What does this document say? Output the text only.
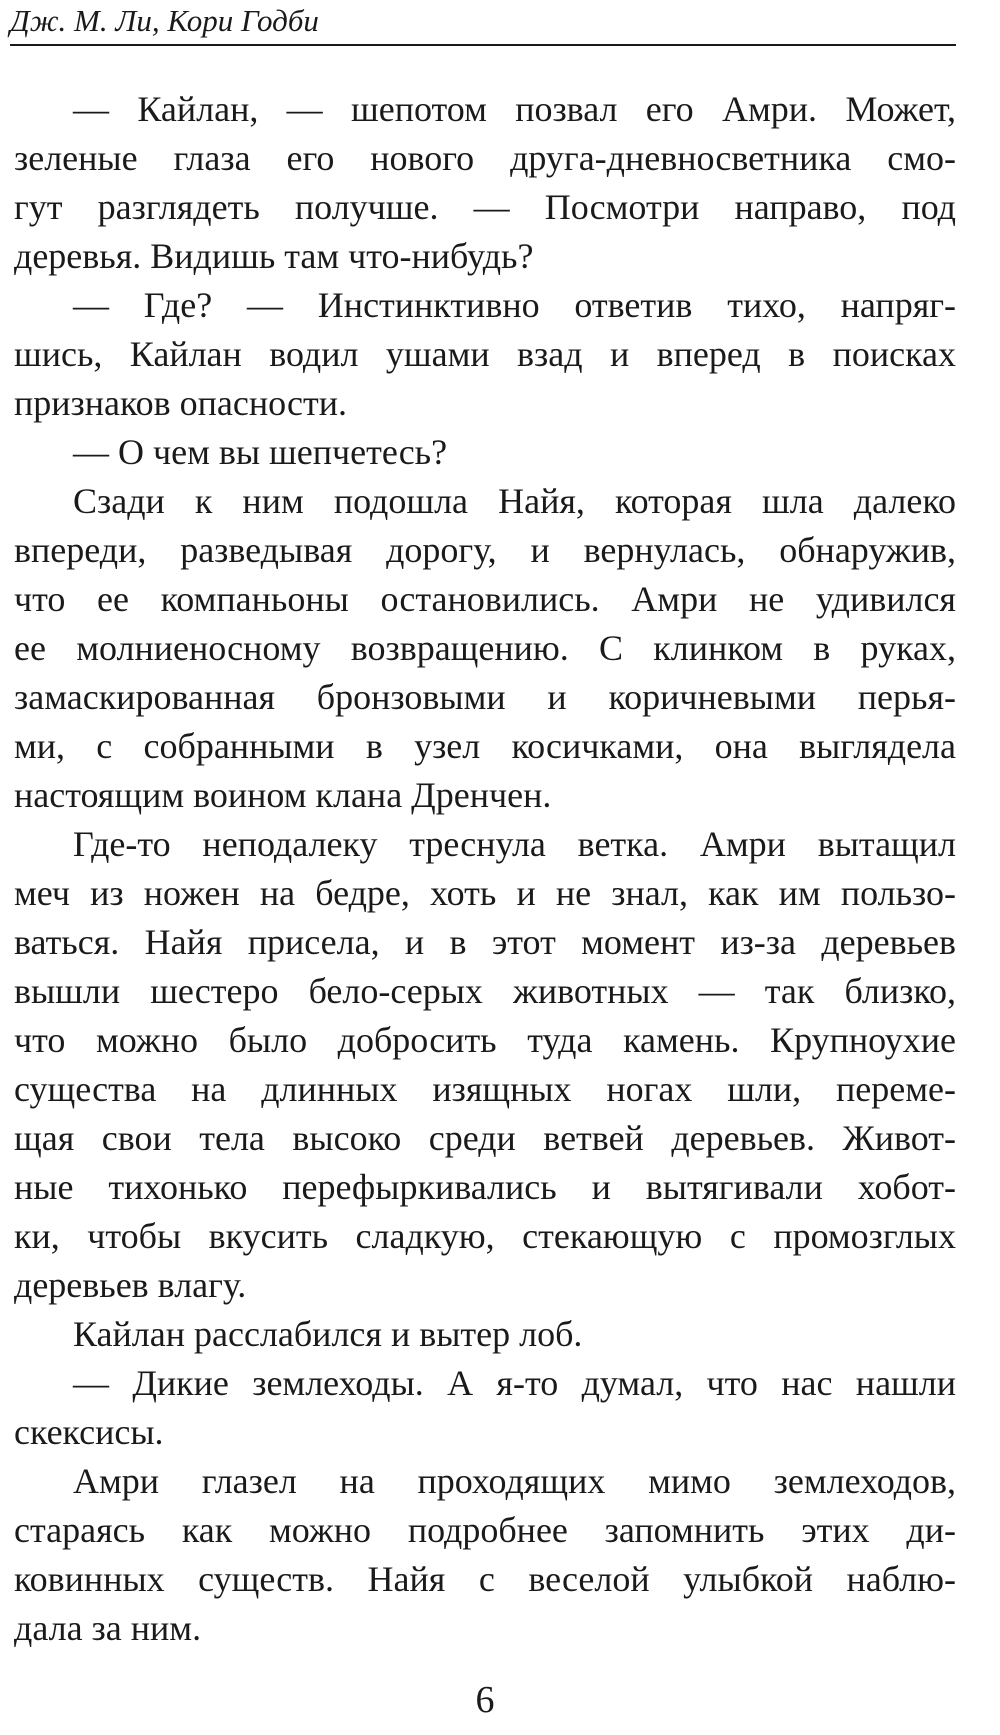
Дж. М. Ли, Кори Годби
— Кайлан, — шепотом позвал его Амри. Может,
зеленые глаза его нового друга-дневносветника смо-
гут разглядеть получше. — Посмотри направо, под
деревья. Видишь там что-нибудь?
— Где? — Инстинктивно ответив тихо, напряг-
шись, Кайлан водил ушами взад и вперед в поисках
признаков опасности.
— О чем вы шепчетесь?
Сзади к ним подошла Найя, которая шла далеко
впереди, разведывая дорогу, и вернулась, обнаружив,
что ее компаньоны остановились. Амри не удивился
ее молниеносному возвращению. С клинком в руках,
замаскированная бронзовыми и коричневыми перья-
ми, с собранными в узел косичками, она выглядела
настоящим воином клана Дренчен.
Где-то неподалеку треснула ветка. Амри вытащил
меч из ножен на бедре, хоть и не знал, как им пользо-
ваться. Найя присела, и в этот момент из-за деревьев
вышли шестеро бело-серых животных — так близко,
что можно было добросить туда камень. Крупноухие
существа на длинных изящных ногах шли, переме-
щая свои тела высоко среди ветвей деревьев. Живот-
ные тихонько перефыркивались и вытягивали хобот-
ки, чтобы вкусить сладкую, стекающую с промозглых
деревьев влагу.
Кайлан расслабился и вытер лоб.
— Дикие землеходы. А я-то думал, что нас нашли
скексисы.
Амри глазел на проходящих мимо землеходов,
стараясь как можно подробнее запомнить этих ди-
ковинных существ. Найя с веселой улыбкой наблю-
дала за ним.
6
